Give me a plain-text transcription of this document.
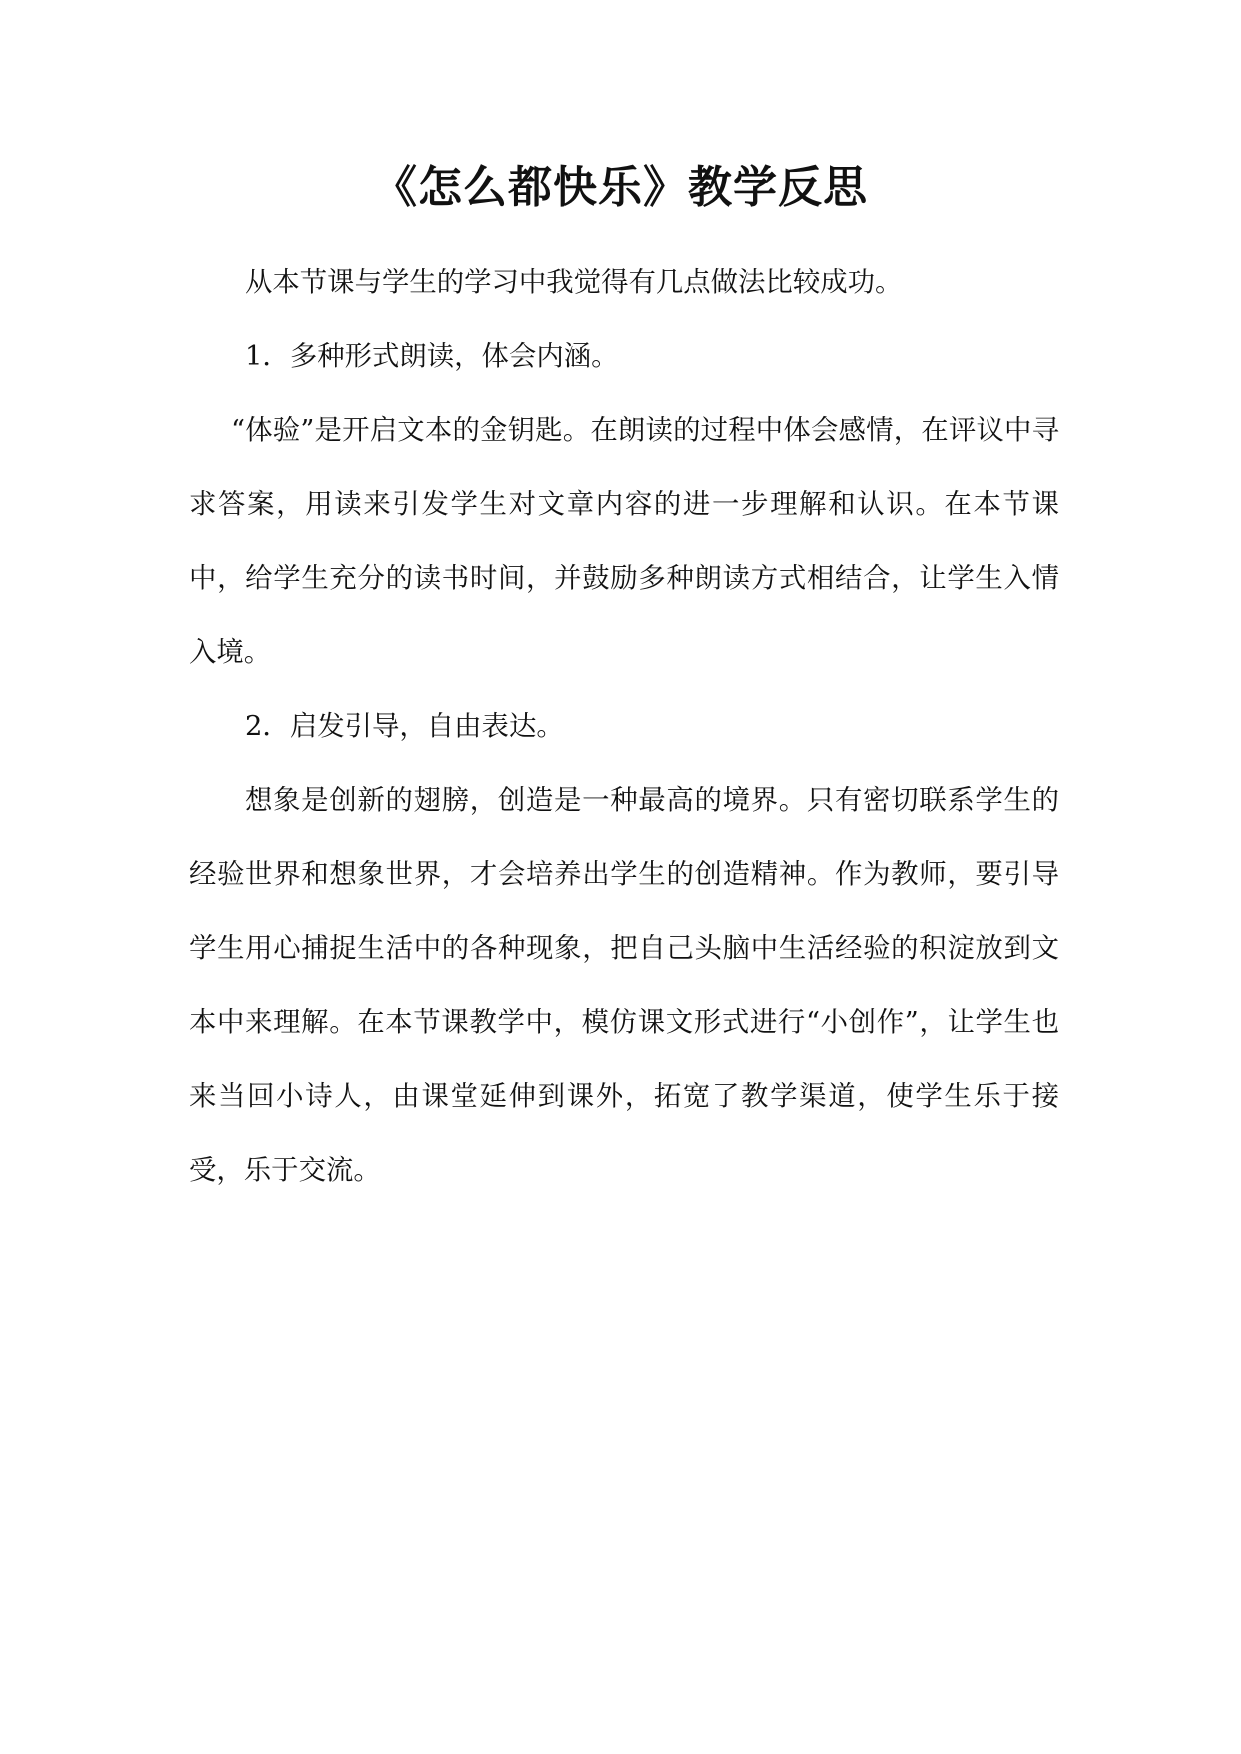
《怎么都快乐》教学反思

从本节课与学生的学习中我觉得有几点做法比较成功。

1．多种形式朗读，体会内涵。

“体验”是开启文本的金钥匙。在朗读的过程中体会感情，在评议中寻求答案，用读来引发学生对文章内容的进一步理解和认识。在本节课中，给学生充分的读书时间，并鼓励多种朗读方式相结合，让学生入情入境。

2．启发引导，自由表达。

想象是创新的翅膀，创造是一种最高的境界。只有密切联系学生的经验世界和想象世界，才会培养出学生的创造精神。作为教师，要引导学生用心捕捉生活中的各种现象，把自己头脑中生活经验的积淀放到文本中来理解。在本节课教学中，模仿课文形式进行“小创作”，让学生也来当回小诗人，由课堂延伸到课外，拓宽了教学渠道，使学生乐于接受，乐于交流。
